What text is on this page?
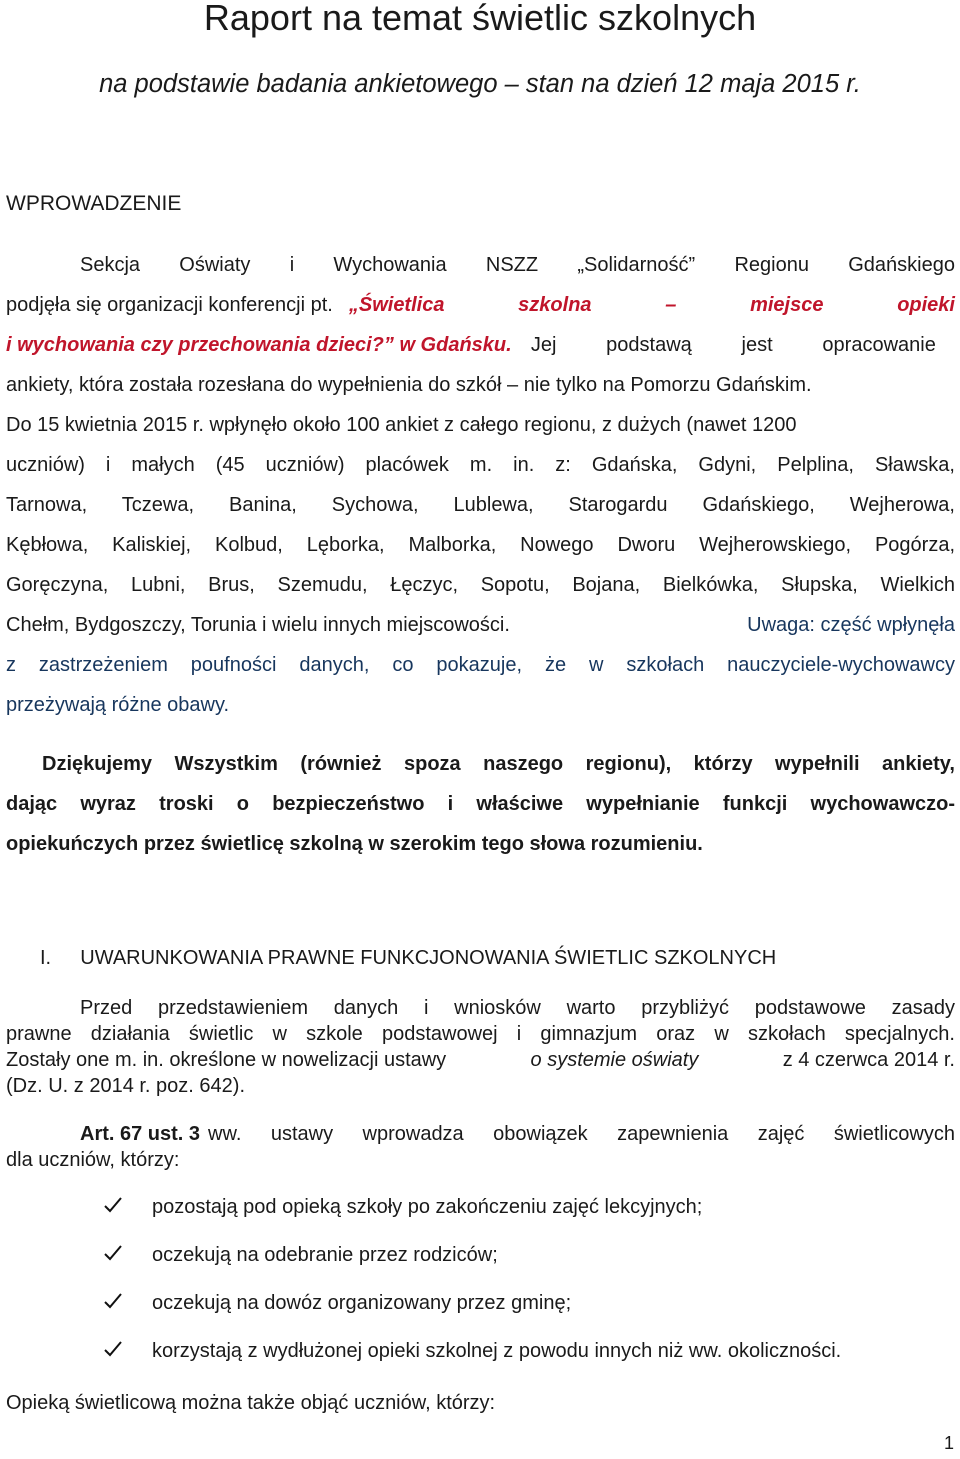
Raport na temat świetlic szkolnych
na podstawie badania ankietowego – stan na dzień 12 maja 2015 r.
WPROWADZENIE
Sekcja Oświaty i Wychowania NSZZ „Solidarność” Regionu Gdańskiego
podjęła się organizacji konferencji pt. „Świetlica szkolna – miejsce opieki
i wychowania czy przechowania dzieci?” w Gdańsku. Jej podstawą jest opracowanie
ankiety, która została rozesłana do wypełnienia do szkół – nie tylko na Pomorzu Gdańskim.
Do 15 kwietnia 2015 r. wpłynęło około 100 ankiet z całego regionu, z dużych (nawet 1200
uczniów) i małych (45 uczniów) placówek m. in. z: Gdańska, Gdyni, Pelplina, Sławska,
Tarnowa, Tczewa, Banina, Sychowa, Lublewa, Starogardu Gdańskiego, Wejherowa,
Kębłowa, Kaliskiej, Kolbud, Lęborka, Malborka, Nowego Dworu Wejherowskiego, Pogórza,
Goręczyna, Lubni, Brus, Szemudu, Łęczyc, Sopotu, Bojana, Bielkówka, Słupska, Wielkich
Chełm, Bydgoszczy, Torunia i wielu innych miejscowości.	Uwaga: część wpłynęła
z zastrzeżeniem poufności danych, co pokazuje, że w szkołach nauczyciele-wychowawcy
przeżywają różne obawy.
Dziękujemy Wszystkim (również spoza naszego regionu), którzy wypełnili ankiety,
dając wyraz troski o bezpieczeństwo i właściwe wypełnianie funkcji wychowawczo-
opiekuńczych przez świetlicę szkolną w szerokim tego słowa rozumieniu.
I. UWARUNKOWANIA PRAWNE FUNKCJONOWANIA ŚWIETLIC SZKOLNYCH
Przed przedstawieniem danych i wniosków warto przybliżyć podstawowe zasady
prawne działania świetlic w szkole podstawowej i gimnazjum oraz w szkołach specjalnych.
Zostały one m. in. określone w nowelizacji ustawy	o systemie oświaty	z 4 czerwca 2014 r.
(Dz. U. z 2014 r. poz. 642).
Art. 67 ust. 3 ww. ustawy wprowadza obowiązek zapewnienia zajęć świetlicowych
dla uczniów, którzy:
pozostają pod opieką szkoły po zakończeniu zajęć lekcyjnych;
oczekują na odebranie przez rodziców;
oczekują na dowóz organizowany przez gminę;
korzystają z wydłużonej opieki szkolnej z powodu innych niż ww. okoliczności.
Opieką świetlicową można także objąć uczniów, którzy:
1
